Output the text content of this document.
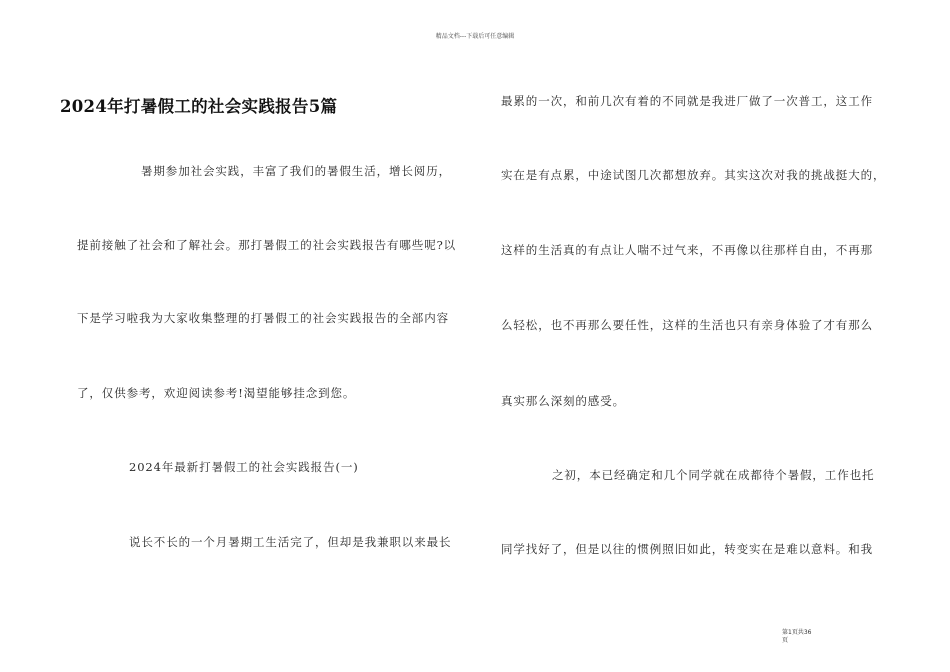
精品文档---下载后可任意编辑
2024年打暑假工的社会实践报告5篇
暑期参加社会实践，丰富了我们的暑假生活，增长阅历，
提前接触了社会和了解社会。那打暑假工的社会实践报告有哪些呢?以
下是学习啦我为大家收集整理的打暑假工的社会实践报告的全部内容
了，仅供参考，欢迎阅读参考!渴望能够挂念到您。
2024年最新打暑假工的社会实践报告(一)
说长不长的一个月暑期工生活完了，但却是我兼职以来最长
最累的一次，和前几次有着的不同就是我进厂做了一次普工，这工作
实在是有点累，中途试图几次都想放弃。其实这次对我的挑战挺大的，
这样的生活真的有点让人喘不过气来，不再像以往那样自由，不再那
么轻松，也不再那么要任性，这样的生活也只有亲身体验了才有那么
真实那么深刻的感受。
之初，本已经确定和几个同学就在成都待个暑假，工作也托
同学找好了，但是以往的惯例照旧如此，转变实在是难以意料。和我
第1页共36
页
